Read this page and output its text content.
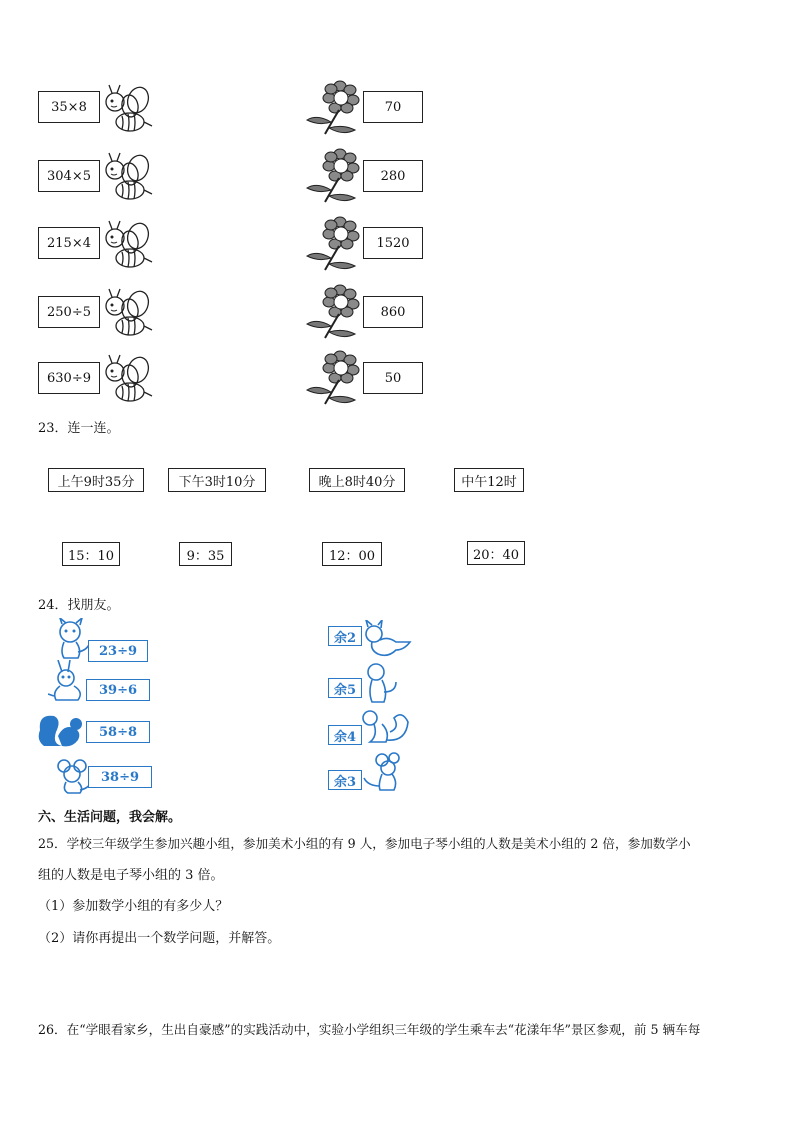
35×8
304×5
215×4
250÷5
630÷9
70
280
1520
860
50
23．连一连。
上午9时35分	下午3时10分	晚上8时40分	中午12时
15：10	9：35	12：00	20：40
24．找朋友。
23÷9
39÷6
58÷8
38÷9
余2
余5
余4
余3
六、生活问题，我会解。
25．学校三年级学生参加兴趣小组，参加美术小组的有 9 人，参加电子琴小组的人数是美术小组的 2 倍，参加数学小
组的人数是电子琴小组的 3 倍。
（1）参加数学小组的有多少人？
（2）请你再提出一个数学问题，并解答。
26．在“学眼看家乡，生出自豪感”的实践活动中，实验小学组织三年级的学生乘车去“花漾年华”景区参观，前 5 辆车每
